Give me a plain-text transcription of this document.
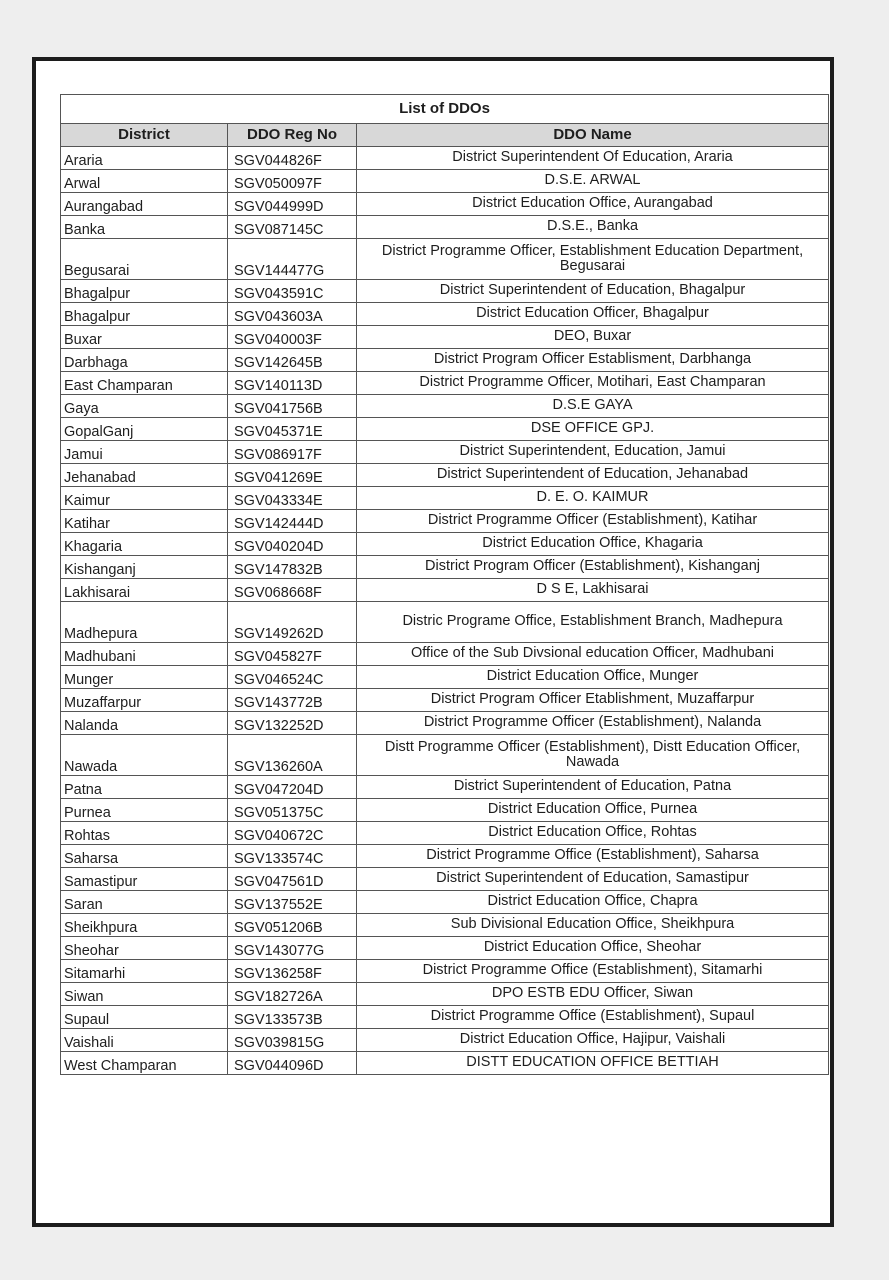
List of DDOs		
District	DDO Reg No	DDO Name
Araria	SGV044826F	District Superintendent Of Education, Araria
Arwal	SGV050097F	D.S.E. ARWAL
Aurangabad	SGV044999D	District Education Office, Aurangabad
Banka	SGV087145C	D.S.E., Banka
Begusarai	SGV144477G	District Programme Officer, Establishment Education Department, Begusarai
Bhagalpur	SGV043591C	District Superintendent of Education, Bhagalpur
Bhagalpur	SGV043603A	District Education Officer, Bhagalpur
Buxar	SGV040003F	DEO, Buxar
Darbhaga	SGV142645B	District Program Officer Establisment, Darbhanga
East Champaran	SGV140113D	District Programme Officer, Motihari, East Champaran
Gaya	SGV041756B	D.S.E GAYA
GopalGanj	SGV045371E	DSE OFFICE GPJ.
Jamui	SGV086917F	District Superintendent, Education, Jamui
Jehanabad	SGV041269E	District Superintendent of Education, Jehanabad
Kaimur	SGV043334E	D. E. O. KAIMUR
Katihar	SGV142444D	District Programme Officer (Establishment), Katihar
Khagaria	SGV040204D	District Education Office, Khagaria
Kishanganj	SGV147832B	District Program Officer (Establishment), Kishanganj
Lakhisarai	SGV068668F	D S E, Lakhisarai
Madhepura	SGV149262D	Distric Programe Office, Establishment Branch, Madhepura
Madhubani	SGV045827F	Office of the Sub Divsional education Officer, Madhubani
Munger	SGV046524C	District Education Office, Munger
Muzaffarpur	SGV143772B	District Program Officer Etablishment, Muzaffarpur
Nalanda	SGV132252D	District Programme Officer (Establishment), Nalanda
Nawada	SGV136260A	Distt Programme Officer (Establishment), Distt Education Officer, Nawada
Patna	SGV047204D	District Superintendent of Education, Patna
Purnea	SGV051375C	District Education Office, Purnea
Rohtas	SGV040672C	District Education Office, Rohtas
Saharsa	SGV133574C	District Programme Office (Establishment), Saharsa
Samastipur	SGV047561D	District Superintendent of Education, Samastipur
Saran	SGV137552E	District Education Office, Chapra
Sheikhpura	SGV051206B	Sub Divisional Education Office, Sheikhpura
Sheohar	SGV143077G	District Education Office, Sheohar
Sitamarhi	SGV136258F	District Programme Office (Establishment), Sitamarhi
Siwan	SGV182726A	DPO ESTB EDU Officer, Siwan
Supaul	SGV133573B	District Programme Office (Establishment), Supaul
Vaishali	SGV039815G	District Education Office, Hajipur, Vaishali
West Champaran	SGV044096D	DISTT EDUCATION OFFICE BETTIAH
